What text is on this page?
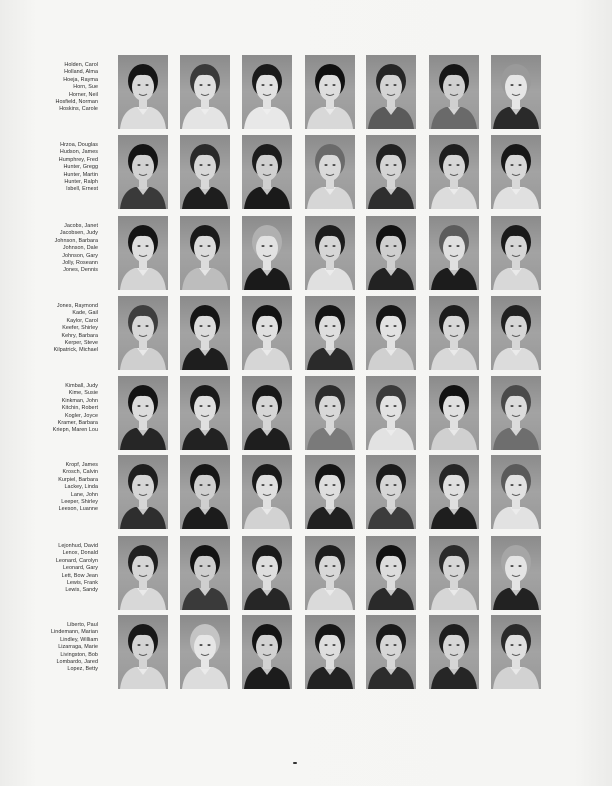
Holden, Carol
Holland, Alma
Hoeja, Rayma
Horn, Sue
Horner, Neil
Hosfield, Norman
Hoskins, Carole
Hrzoa, Douglas
Hudson, James
Humphrey, Fred
Hunter, Gregg
Hunter, Martin
Hunter, Ralph
Isbell, Ernest
Jacobs, Janet
Jacobsen, Judy
Johnson, Barbara
Johnson, Dale
Johnson, Gary
Jolly, Roseann
Jones, Dennis
Jones, Raymond
Kade, Gail
Kaylor, Carol
Keefer, Shirley
Kehry, Barbara
Kerper, Steve
Kilpatrick, Michael
Kimball, Judy
Kime, Susie
Kinkman, John
Kitchin, Robert
Kogler, Joyce
Kramer, Barbara
Kriepn, Maren Lou
Kropf, James
Krosch, Calvin
Kurpiel, Barbara
Lackey, Linda
Lane, John
Leeper, Shirley
Leeson, Luanne
Lejonhud, David
Lenox, Donald
Leonard, Carolyn
Leonard, Gary
Lett, Bow Jean
Lewis, Frank
Lewis, Sandy
Liberto, Paul
Lindemann, Marian
Lindley, William
Lizarraga, Marie
Livingston, Bob
Lombardo, Jared
Lopez, Betty
